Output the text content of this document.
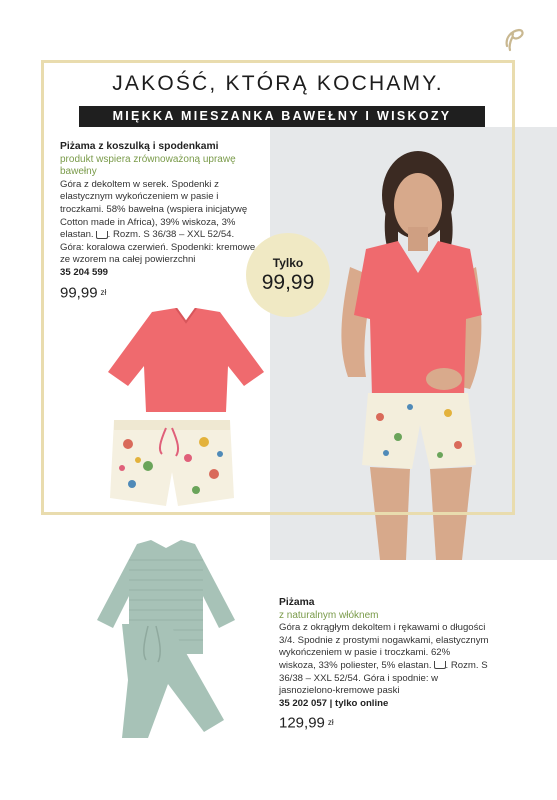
JAKOŚĆ, KTÓRĄ KOCHAMY.
MIĘKKA MIESZANKA BAWEŁNY I WISKOZY
Piżama z koszulką i spodenkami
produkt wspiera zrównoważoną uprawę bawełny
Góra z dekoltem w serek. Spodenki z elastycznym wykończeniem w pasie i troczkami. 58% bawełna (wspiera inicjatywę Cotton made in Africa), 39% wiskoza, 3% elastan. . Rozm. S 36/38 – XXL 52/54. Góra: koralowa czerwień. Spodenki: kremowe ze wzorem na całej powierzchni
35 204 599
99,99 zł
Tylko
99,99
Piżama
z naturalnym włóknem
Góra z okrągłym dekoltem i rękawami o długości 3/4. Spodnie z prostymi nogawkami, elastycznym wykończeniem w pasie i troczkami. 62% wiskoza, 33% poliester, 5% elastan. . Rozm. S 36/38 – XXL 52/54. Góra i spodnie: w jasnozielono-kremowe paski
35 202 057 | tylko online
129,99 zł
